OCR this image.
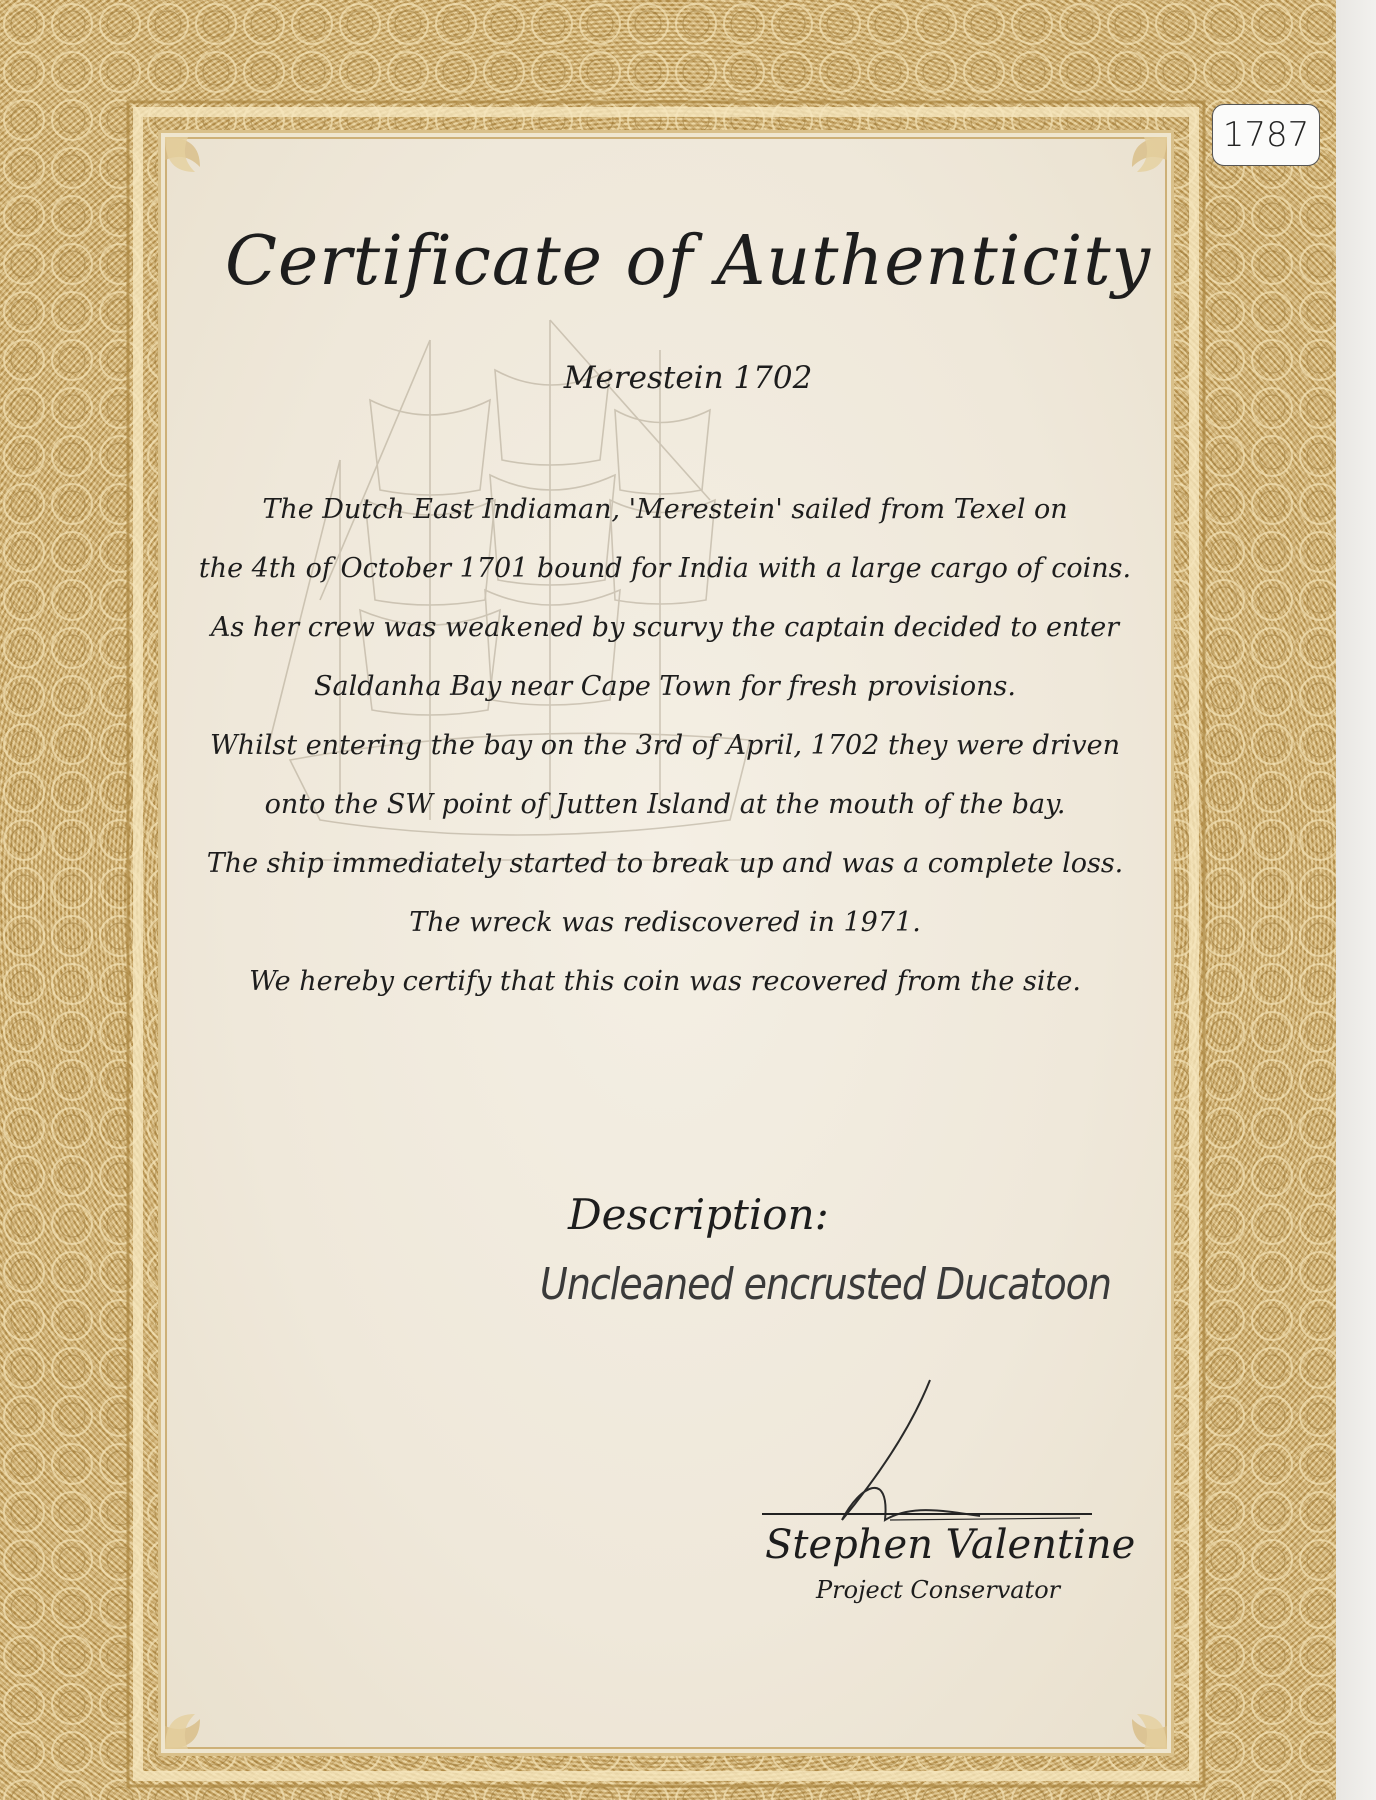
Certificate of Authenticity
Merestein 1702
The Dutch East Indiaman, 'Merestein' sailed from Texel on
the 4th of October 1701 bound for India with a large cargo of coins.
As her crew was weakened by scurvy the captain decided to enter
Saldanha Bay near Cape Town for fresh provisions.
Whilst entering the bay on the 3rd of April, 1702 they were driven
onto the SW point of Jutten Island at the mouth of the bay.
The ship immediately started to break up and was a complete loss.
The wreck was rediscovered in 1971.
We hereby certify that this coin was recovered from the site.
Description:
Uncleaned encrusted Ducatoon
Stephen Valentine
Project Conservator
1787
